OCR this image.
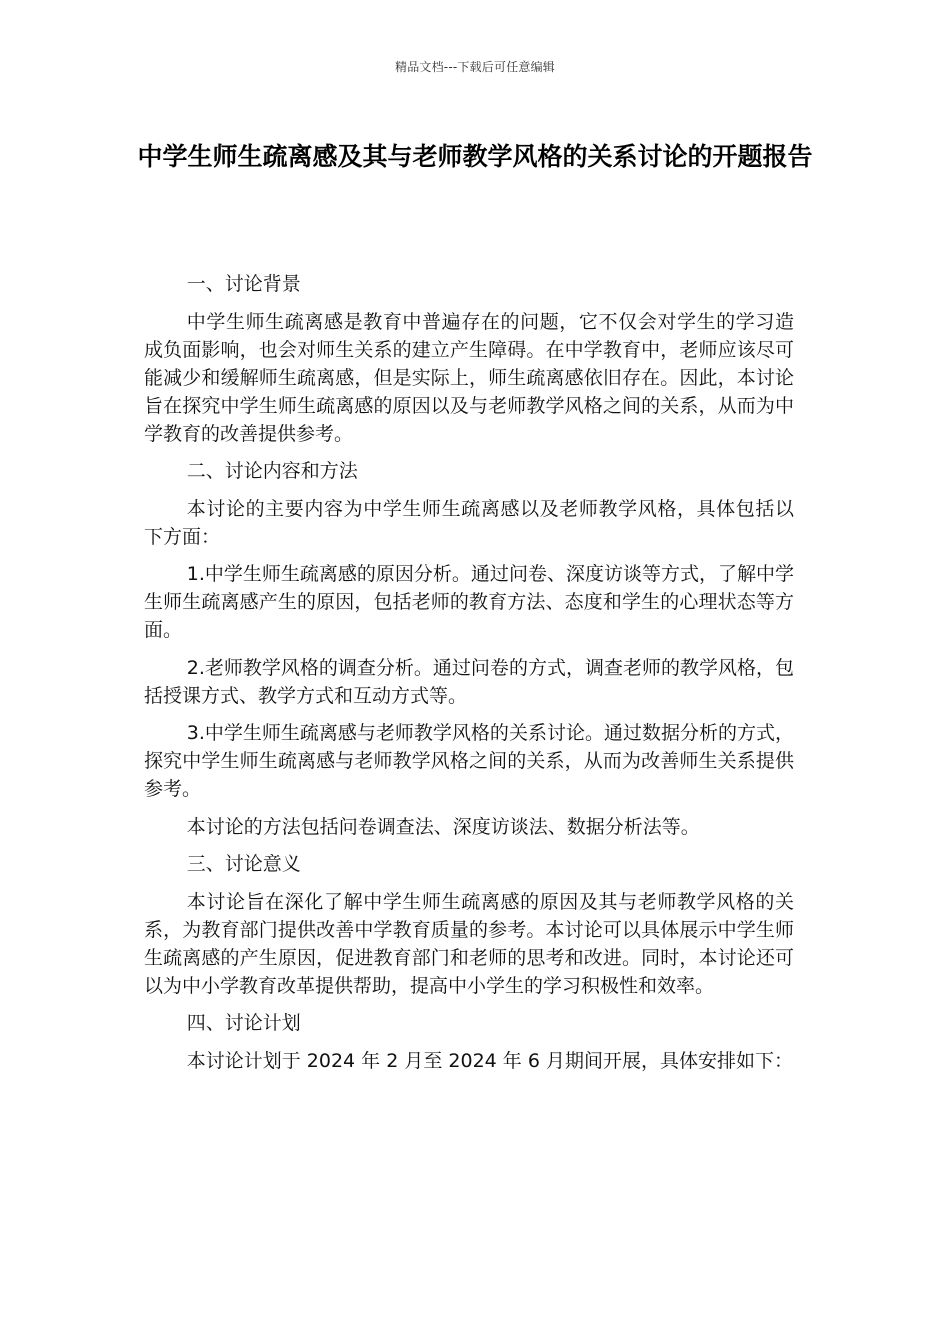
精品文档---下载后可任意编辑
中学生师生疏离感及其与老师教学风格的关系讨论的开题报告

一、讨论背景

中学生师生疏离感是教育中普遍存在的问题，它不仅会对学生的学习造成负面影响，也会对师生关系的建立产生障碍。在中学教育中，老师应该尽可能减少和缓解师生疏离感，但是实际上，师生疏离感依旧存在。因此，本讨论旨在探究中学生师生疏离感的原因以及与老师教学风格之间的关系，从而为中学教育的改善提供参考。

二、讨论内容和方法

本讨论的主要内容为中学生师生疏离感以及老师教学风格，具体包括以下方面：

1.中学生师生疏离感的原因分析。通过问卷、深度访谈等方式，了解中学生师生疏离感产生的原因，包括老师的教育方法、态度和学生的心理状态等方面。

2.老师教学风格的调查分析。通过问卷的方式，调查老师的教学风格，包括授课方式、教学方式和互动方式等。

3.中学生师生疏离感与老师教学风格的关系讨论。通过数据分析的方式，探究中学生师生疏离感与老师教学风格之间的关系，从而为改善师生关系提供参考。

本讨论的方法包括问卷调查法、深度访谈法、数据分析法等。

三、讨论意义

本讨论旨在深化了解中学生师生疏离感的原因及其与老师教学风格的关系，为教育部门提供改善中学教育质量的参考。本讨论可以具体展示中学生师生疏离感的产生原因，促进教育部门和老师的思考和改进。同时，本讨论还可以为中小学教育改革提供帮助，提高中小学生的学习积极性和效率。

四、讨论计划

本讨论计划于 2024 年 2 月至 2024 年 6 月期间开展，具体安排如下：
